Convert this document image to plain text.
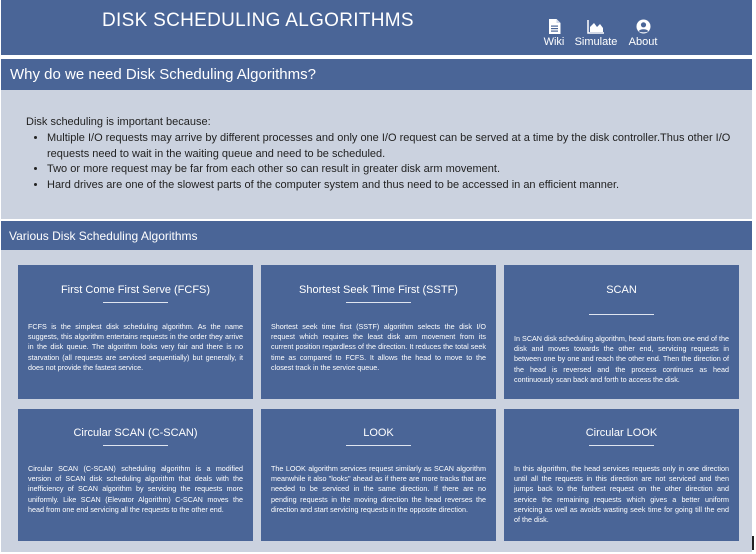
DISK SCHEDULING ALGORITHMS
Wiki Simulate About
Why do we need Disk Scheduling Algorithms?
Disk scheduling is important because:
• Multiple I/O requests may arrive by different processes and only one I/O request can be served at a time by the disk controller.Thus other I/O requests need to wait in the waiting queue and need to be scheduled.
• Two or more request may be far from each other so can result in greater disk arm movement.
• Hard drives are one of the slowest parts of the computer system and thus need to be accessed in an efficient manner.
Various Disk Scheduling Algorithms
First Come First Serve (FCFS)

FCFS is the simplest disk scheduling algorithm. As the name suggests, this algorithm entertains requests in the order they arrive in the disk queue. The algorithm looks very fair and there is no starvation (all requests are serviced sequentially) but generally, it does not provide the fastest service.

Shortest Seek Time First (SSTF)

Shortest seek time first (SSTF) algorithm selects the disk I/O request which requires the least disk arm movement from its current position regardless of the direction. It reduces the total seek time as compared to FCFS. It allows the head to move to the closest track in the service queue.

SCAN

In SCAN disk scheduling algorithm, head starts from one end of the disk and moves towards the other end, servicing requests in between one by one and reach the other end. Then the direction of the head is reversed and the process continues as head continuously scan back and forth to access the disk.

Circular SCAN (C-SCAN)

Circular SCAN (C-SCAN) scheduling algorithm is a modified version of SCAN disk scheduling algorithm that deals with the inefficiency of SCAN algorithm by servicing the requests more uniformly. Like SCAN (Elevator Algorithm) C-SCAN moves the head from one end servicing all the requests to the other end.

LOOK

The LOOK algorithm services request similarly as SCAN algorithm meanwhile it also "looks" ahead as if there are more tracks that are needed to be serviced in the same direction. If there are no pending requests in the moving direction the head reverses the direction and start servicing requests in the opposite direction.

Circular LOOK

In this algorithm, the head services requests only in one direction until all the requests in this direction are not serviced and then jumps back to the farthest request on the other direction and service the remaining requests which gives a better uniform servicing as well as avoids wasting seek time for going till the end of the disk.
